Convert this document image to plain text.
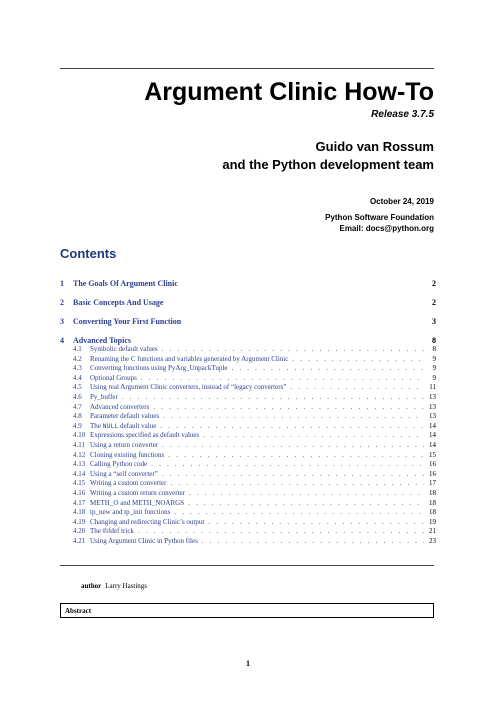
Argument Clinic How-To
Release 3.7.5
Guido van Rossum
and the Python development team
October 24, 2019
Python Software Foundation
Email: docs@python.org
Contents
1 The Goals Of Argument Clinic	2
2 Basic Concepts And Usage	2
3 Converting Your First Function	3
4 Advanced Topics	8
4.1 Symbolic default values . . .	8
4.2 Renaming the C functions and variables generated by Argument Clinic . . .	9
4.3 Converting functions using PyArg_UnpackTuple . . .	9
4.4 Optional Groups . . .	9
4.5 Using real Argument Clinic converters, instead of “legacy converters” . . .	11
4.6 Py_buffer . . .	13
4.7 Advanced converters . . .	13
4.8 Parameter default values . . .	13
4.9 The NULL default value . . .	14
4.10 Expressions specified as default values . . .	14
4.11 Using a return converter . . .	14
4.12 Cloning existing functions . . .	15
4.13 Calling Python code . . .	16
4.14 Using a “self converter” . . .	16
4.15 Writing a custom converter . . .	17
4.16 Writing a custom return converter . . .	18
4.17 METH_O and METH_NOARGS . . .	18
4.18 tp_new and tp_init functions . . .	18
4.19 Changing and redirecting Clinic’s output . . .	19
4.20 The #ifdef trick . . .	21
4.21 Using Argument Clinic in Python files . . .	23
author Larry Hastings
Abstract
1
